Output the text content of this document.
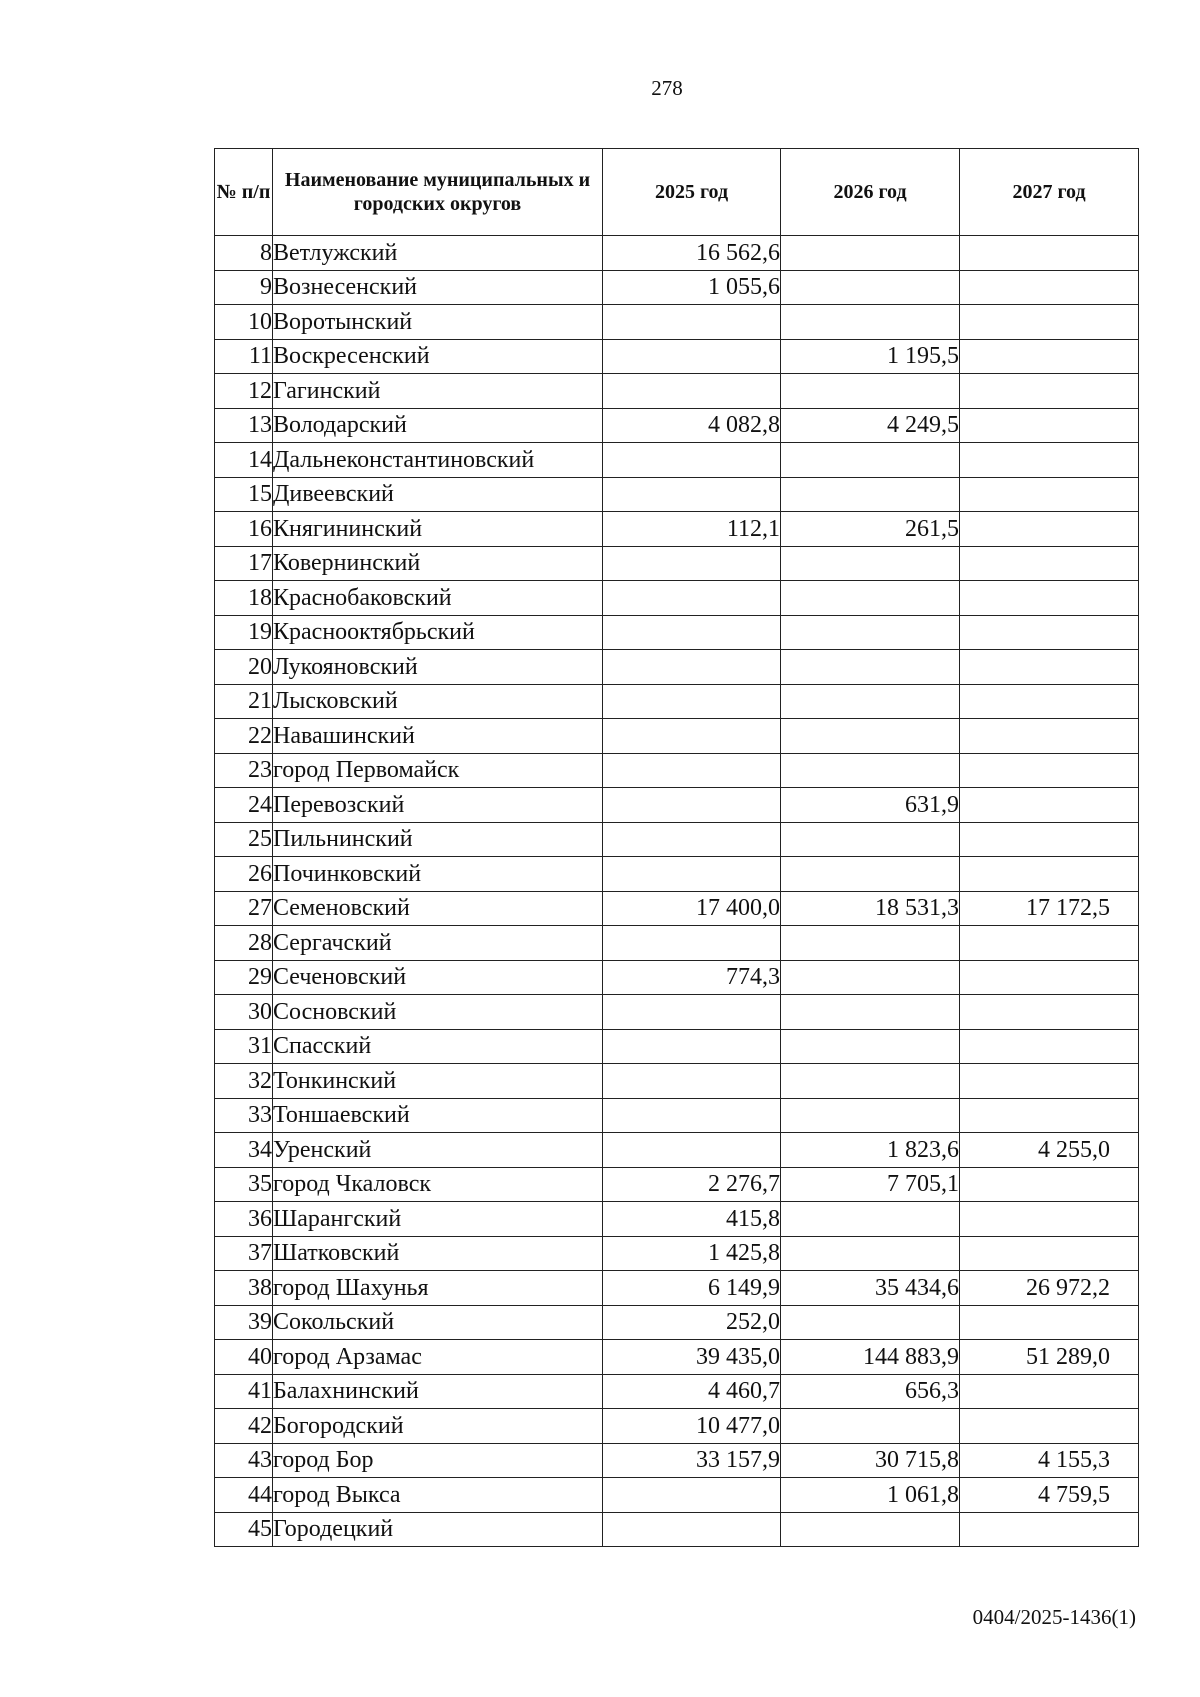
278
№ п/п	Наименование муниципальных и городских округов	2025 год	2026 год	2027 год
8	Ветлужский	16 562,6		
9	Вознесенский	1 055,6		
10	Воротынский			
11	Воскресенский		1 195,5	
12	Гагинский			
13	Володарский	4 082,8	4 249,5	
14	Дальнеконстантиновский			
15	Дивеевский			
16	Княгининский	112,1	261,5	
17	Ковернинский			
18	Краснобаковский			
19	Краснооктябрьский			
20	Лукояновский			
21	Лысковский			
22	Навашинский			
23	город Первомайск			
24	Перевозский		631,9	
25	Пильнинский			
26	Починковский			
27	Семеновский	17 400,0	18 531,3	17 172,5
28	Сергачский			
29	Сеченовский	774,3		
30	Сосновский			
31	Спасский			
32	Тонкинский			
33	Тоншаевский			
34	Уренский		1 823,6	4 255,0
35	город Чкаловск	2 276,7	7 705,1	
36	Шарангский	415,8		
37	Шатковский	1 425,8		
38	город Шахунья	6 149,9	35 434,6	26 972,2
39	Сокольский	252,0		
40	город Арзамас	39 435,0	144 883,9	51 289,0
41	Балахнинский	4 460,7	656,3	
42	Богородский	10 477,0		
43	город Бор	33 157,9	30 715,8	4 155,3
44	город Выкса		1 061,8	4 759,5
45	Городецкий			
0404/2025-1436(1)
